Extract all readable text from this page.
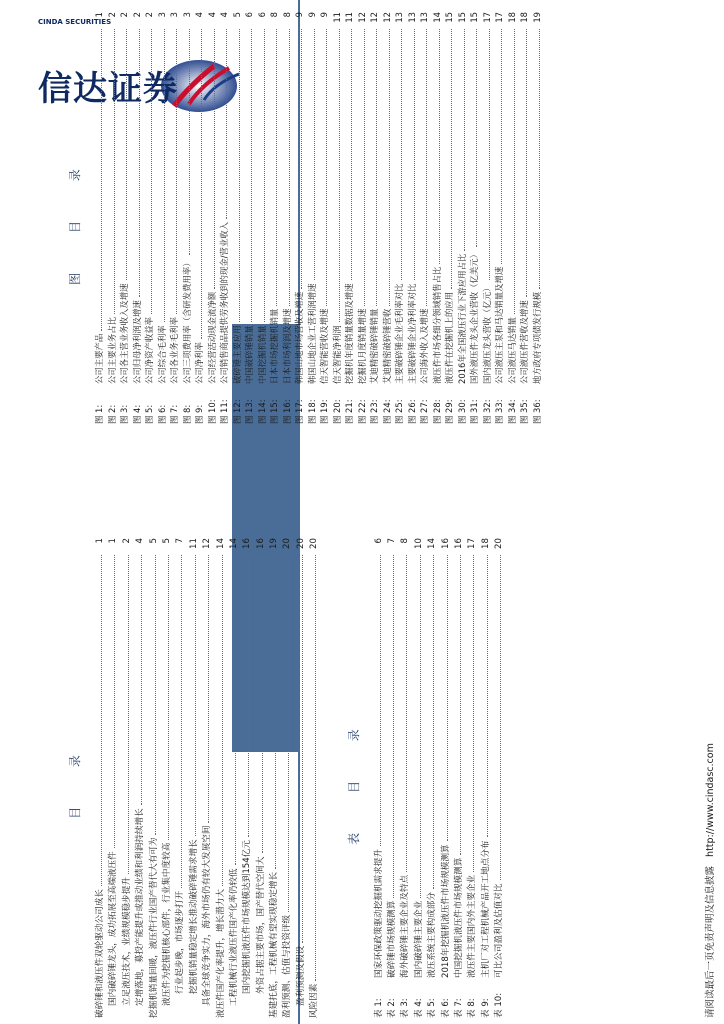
信达证券
CINDA SECURITIES
目 录
破碎锤和液压件双轮驱动公司成长
1
国内破碎锤龙头，成功拓展至高端液压件
1
立足液压技术，业绩规模稳步提升
2
定增落地，募投产能提升或推动业绩和利润持续增长
4
挖掘机销量回暖，液压件行业国产替代大有可为
5
液压件为挖掘机核心部件，行业集中度较高
5
行业起步晚，市场逐步打开
7
挖掘机销量稳定增长推动破碎锤需求增长
11
具备全球竞争实力，海外市场仍有较大发展空间
12
液压件国产化率提升，增长潜力大
14
工程机械行业液压件国产化率仍较低
14
国内挖掘机液压件市场规模达到154亿元
16
外资占据主要市场，国产替代空间大
16
基建托底，工程机械有望实现稳定增长
19
盈利预测、估值与投资评级
20
盈利预测及假设
20
风险因素
20
表 目 录
表 1:国家环保政策驱动挖掘机需求提升
6
表 2:破碎锤市场规模测算
7
表 3:海外破碎锤主要企业及特点
8
表 4:国内破碎锤主要企业
10
表 5:液压系统主要构成部分
14
表 6:2018年挖掘机液压件市场规模测算
16
表 7:中国挖掘机液压件市场规模测算
16
表 8:液压件主要国内外主要企业
17
表 9:主机厂对工程机械产品开工地点分布
18
表 10:可比公司盈利及估值对比
20
图 目 录
图 1:公司主要产品
1
图 2:公司主要业务占比
2
图 3:公司各主营业务收入及增速
2
图 4:公司归母净利润及增速
2
图 5:公司净资产收益率
2
图 6:公司综合毛利率
3
图 7:公司各业务毛利率
3
图 8:公司三项费用率（含研发费用率）
3
图 9:公司净利率
4
图 10:公司经营活动现金流净额
4
图 11:公司销售商品提供劳务收到的现金/营业收入
4
图 12:破碎锤主要应用
5
图 13:中国破碎锤销量
6
图 14:中国挖掘机销量
6
图 15:日本市场挖掘机销量
8
图 16:日本市场利润及增速
8
图 17:韩国山地市场营收及增速
9
图 18:韩国山地企业工营利润增速
9
图 19:信天智能营收及增速
9
图 20:信天智能净利润
11
图 21:挖掘机年度销量数据及增速
11
图 22:挖掘机月度销量增速
12
图 23:艾迪精密破碎锤销量
12
图 24:艾迪精密破碎锤营收
12
图 25:主要破碎锤企业毛利率对比
13
图 26:主要破碎锤企业净利率对比
13
图 27:公司海外收入及增速
13
图 28:液压件市场各细分领域销售占比
14
图 29:液压件在挖掘机上的应用
15
图 30:2016年全国液压行业下游应用占比
15
图 31:国外液压件龙头企业营收（亿美元）
15
图 32:国内液压龙头营收（亿元）
17
图 33:公司液压主泵和马达销量及增速
17
图 34:公司液压马达销量
18
图 35:公司液压件营收及增速
18
图 36:地方政府专项债发行规模
19
请阅读最后一页免责声明及信息披露 http://www.cindasc.com
